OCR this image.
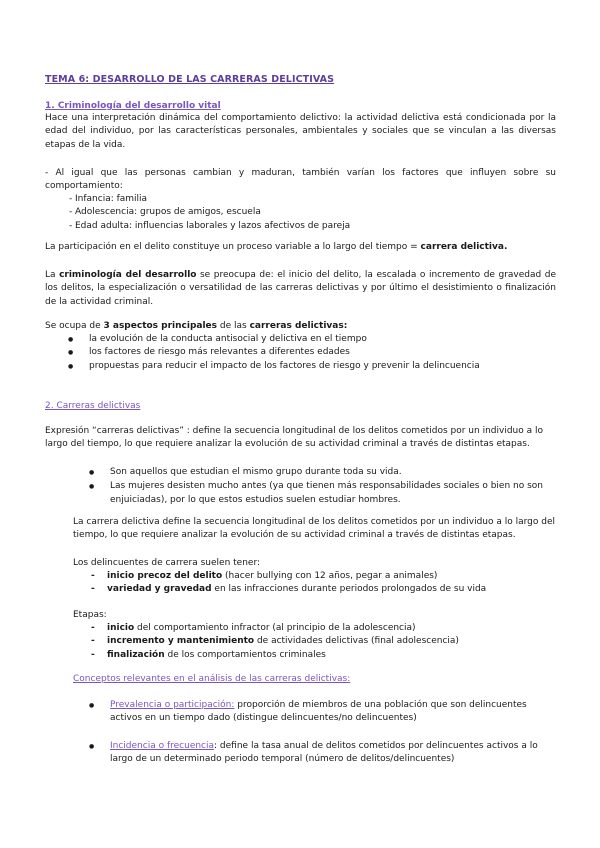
TEMA 6: DESARROLLO DE LAS CARRERAS DELICTIVAS

1. Criminología del desarrollo vital

Hace una interpretación dinámica del comportamiento delictivo: la actividad delictiva está condicionada por la edad del individuo, por las características personales, ambientales y sociales que se vinculan a las diversas etapas de la vida.

- Al igual que las personas cambian y maduran, también varían los factores que influyen sobre su comportamiento:

- Infancia: familia
- Adolescencia: grupos de amigos, escuela
- Edad adulta: influencias laborales y lazos afectivos de pareja

La participación en el delito constituye un proceso variable a lo largo del tiempo = carrera delictiva.

La criminología del desarrollo se preocupa de: el inicio del delito, la escalada o incremento de gravedad de los delitos, la especialización o versatilidad de las carreras delictivas y por último el desistimiento o finalización de la actividad criminal.

Se ocupa de 3 aspectos principales de las carreras delictivas:

● la evolución de la conducta antisocial y delictiva en el tiempo
● los factores de riesgo más relevantes a diferentes edades
● propuestas para reducir el impacto de los factores de riesgo y prevenir la delincuencia

2. Carreras delictivas

Expresión “carreras delictivas” : define la secuencia longitudinal de los delitos cometidos por un individuo a lo largo del tiempo, lo que requiere analizar la evolución de su actividad criminal a través de distintas etapas.

● Son aquellos que estudian el mismo grupo durante toda su vida.
● Las mujeres desisten mucho antes (ya que tienen más responsabilidades sociales o bien no son enjuiciadas), por lo que estos estudios suelen estudiar hombres.

La carrera delictiva define la secuencia longitudinal de los delitos cometidos por un individuo a lo largo del tiempo, lo que requiere analizar la evolución de su actividad criminal a través de distintas etapas.

Los delincuentes de carrera suelen tener:

- inicio precoz del delito (hacer bullying con 12 años, pegar a animales)
- variedad y gravedad en las infracciones durante periodos prolongados de su vida

Etapas:

- inicio del comportamiento infractor (al principio de la adolescencia)
- incremento y mantenimiento de actividades delictivas (final adolescencia)
- finalización de los comportamientos criminales

Conceptos relevantes en el análisis de las carreras delictivas:

● Prevalencia o participación: proporción de miembros de una población que son delincuentes activos en un tiempo dado (distingue delincuentes/no delincuentes)
● Incidencia o frecuencia: define la tasa anual de delitos cometidos por delincuentes activos a lo largo de un determinado periodo temporal (número de delitos/delincuentes)
